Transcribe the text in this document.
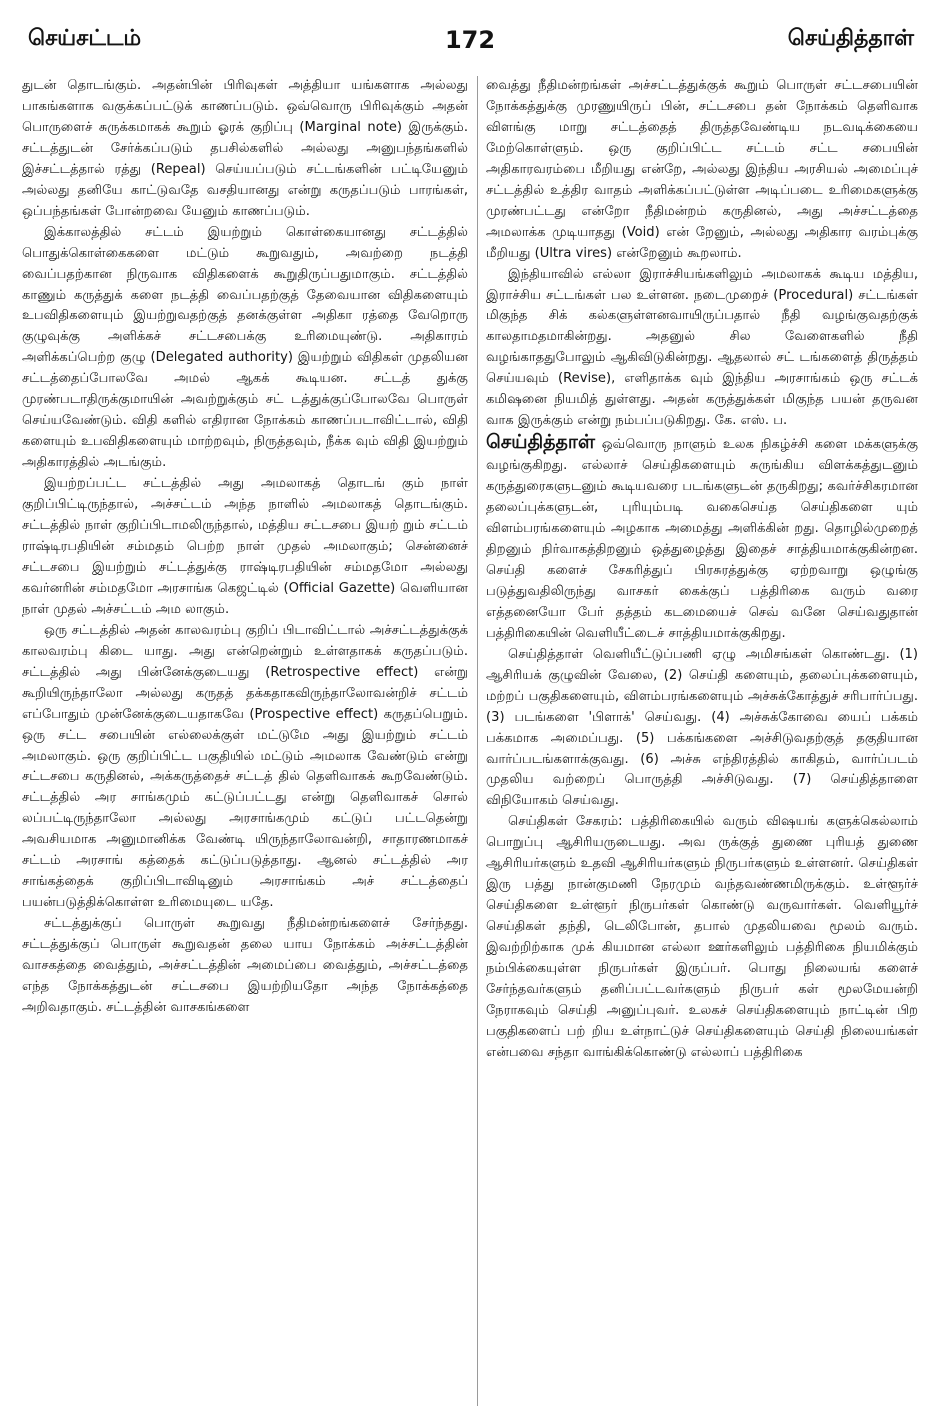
செய்சட்டம்	172	செய்தித்தாள்

துடன் தொடங்கும். அதன்பின் பிரிவுகள் அத்தியா யங்களாக அல்லது பாகங்களாக வகுக்கப்பட்டுக் காணப்படும். ஒவ்வொரு பிரிவுக்கும் அதன் பொருளைச் சுருக்கமாகக் கூறும் ஓரக் குறிப்பு (Marginal note) இருக்கும். சட்டத்துடன் சேர்க்கப்படும் தபசில்களில் அல்லது அனுபந்தங்களில் இச்சட்டத்தால் ரத்து (Repeal) செய்யப்படும் சட்டங்களின் பட்டியேனும் அல்லது தனியே காட்டுவதே வசதியானது என்று கருதப்படும் பாரங்கள், ஒப்பந்தங்கள் போன்றவை யேனும் காணப்படும்.

இக்காலத்தில் சட்டம் இயற்றும் கொள்கையானது சட்டத்தில் பொதுக்கொள்கைகளை மட்டும் கூறுவதும், அவற்றை நடத்தி வைப்பதற்கான நிருவாக விதிகளைக் கூறுதிருப்பதுமாகும். சட்டத்தில் காணும் கருத்துக் களை நடத்தி வைப்பதற்குத் தேவையான விதிகளையும் உபவிதிகளையும் இயற்றுவதற்குத் தனக்குள்ள அதிகா ரத்தை வேறொரு குழுவுக்கு அளிக்கச் சட்டசபைக்கு உரிமையுண்டு. அதிகாரம் அளிக்கப்பெற்ற குழு (Delegated authority) இயற்றும் விதிகள் முதலியன சட்டத்தைப்போலவே அமல் ஆகக் கூடியன. சட்டத் துக்கு முரண்படாதிருக்குமாயின் அவற்றுக்கும் சட் டத்துக்குப்போலவே பொருள் செய்யவேண்டும். விதி களில் எதிரான நோக்கம் காணப்படாவிட்டால், விதி களையும் உபவிதிகளையும் மாற்றவும், நிருத்தவும், நீக்க வும் விதி இயற்றும் அதிகாரத்தில் அடங்கும்.

இயற்றப்பட்ட சட்டத்தில் அது அமலாகத் தொடங் கும் நாள் குறிப்பிட்டிருந்தால், அச்சட்டம் அந்த நாளில் அமலாகத் தொடங்கும். சட்டத்தில் நாள் குறிப்பிடாமலிருந்தால், மத்திய சட்டசபை இயற் றும் சட்டம் ராஷ்டிரபதியின் சம்மதம் பெற்ற நாள் முதல் அமலாகும்; சென்னைச் சட்டசபை இயற்றும் சட்டத்துக்கு ராஷ்டிரபதியின் சம்மதமோ அல்லது கவர்னரின் சம்மதமோ அரசாங்க கெஜட்டில் (Official Gazette) வெளியான நாள் முதல் அச்சட்டம் அம லாகும்.

ஒரு சட்டத்தில் அதன் காலவரம்பு குறிப் பிடாவிட்டால் அச்சட்டத்துக்குக் காலவரம்பு கிடை யாது. அது என்றென்றும் உள்ளதாகக் கருதப்படும். சட்டத்தில் அது பின்னேக்குடையது (Retrospective effect) என்று கூறியிருந்தாலோ அல்லது கருதத் தக்கதாகவிருந்தாலோவன்றிச் சட்டம் எப்போதும் முன்னேக்குடையதாகவே (Prospective effect) கருதப்பெறும். ஒரு சட்ட சபையின் எல்லைக்குள் மட்டுமே அது இயற்றும் சட்டம் அமலாகும். ஒரு குறிப்பிட்ட பகுதியில் மட்டும் அமலாக வேண்டும் என்று சட்டசபை கருதினல், அக்கருத்தைச் சட்டத் தில் தெளிவாகக் கூறவேண்டும். சட்டத்தில் அர சாங்கமும் கட்டுப்பட்டது என்று தெளிவாகச் சொல் லப்பட்டிருந்தாலோ அல்லது அரசாங்கமும் கட்டுப் பட்டதென்று அவசியமாக அனுமானிக்க வேண்டி யிருந்தாலோவன்றி, சாதாரணமாகச் சட்டம் அரசாங் கத்தைக் கட்டுப்படுத்தாது. ஆனல் சட்டத்தில் அர சாங்கத்தைக் குறிப்பிடாவிடினும் அரசாங்கம் அச் சட்டத்தைப் பயன்படுத்திக்கொள்ள உரிமையுடை யதே.

சட்டத்துக்குப் பொருள் கூறுவது நீதிமன்றங்களைச் சேர்ந்தது. சட்டத்துக்குப் பொருள் கூறுவதன் தலை யாய நோக்கம் அச்சட்டத்தின் வாசகத்தை வைத்தும், அச்சட்டத்தின் அமைப்பை வைத்தும், அச்சட்டத்தை எந்த நோக்கத்துடன் சட்டசபை இயற்றியதோ அந்த நோக்கத்தை அறிவதாகும். சட்டத்தின் வாசகங்களை

வைத்து நீதிமன்றங்கள் அச்சட்டத்துக்குக் கூறும் பொருள் சட்டசபையின் நோக்கத்துக்கு முரணுயிருப் பின், சட்டசபை தன் நோக்கம் தெளிவாக விளங்கு மாறு சட்டத்தைத் திருத்தவேண்டிய நடவடிக்கையை மேற்கொள்ளும். ஒரு குறிப்பிட்ட சட்டம் சட்ட சபையின் அதிகாரவரம்பை மீறியது என்றே, அல்லது இந்திய அரசியல் அமைப்புச் சட்டத்தில் உத்திர வாதம் அளிக்கப்பட்டுள்ள அடிப்படை உரிமைகளுக்கு முரண்பட்டது என்றோ நீதிமன்றம் கருதினல், அது அச்சட்டத்தை அமலாக்க முடியாதது (Void) என் றேனும், அல்லது அதிகார வரம்புக்கு மீறியது (Ultra vires) என்றேனும் கூறலாம்.

இந்தியாவில் எல்லா இராச்சியங்களிலும் அமலாகக் கூடிய மத்திய, இராச்சிய சட்டங்கள் பல உள்ளன. நடைமுறைச் (Procedural) சட்டங்கள் மிகுந்த சிக் கல்களுள்ளனவாயிருப்பதால் நீதி வழங்குவதற்குக் காலதாமதமாகின்றது. அதனுல் சில வேளைகளில் நீதி வழங்காததுபோலும் ஆகிவிடுகின்றது. ஆதலால் சட் டங்களைத் திருத்தம் செய்யவும் (Revise), எளிதாக்க வும் இந்திய அரசாங்கம் ஒரு சட்டக் கமிஷனை நியமித் துள்ளது. அதன் கருத்துக்கள் மிகுந்த பயன் தருவன வாக இருக்கும் என்று நம்பப்படுகிறது. கே. எஸ். ப.

செய்தித்தாள் ஒவ்வொரு நாளும் உலக நிகழ்ச்சி களை மக்களுக்கு வழங்குகிறது. எல்லாச் செய்திகளையும் சுருங்கிய விளக்கத்துடனும் கருத்துரைகளுடனும் கூடியவரை படங்களுடன் தருகிறது; கவர்ச்சிகரமான தலைப்புக்களுடன், புரியும்படி வகைசெய்த செய்திகளை யும் விளம்பரங்களையும் அழகாக அமைத்து அளிக்கின் றது. தொழில்முறைத் திறனும் நிர்வாகத்திறனும் ஒத்துழைத்து இதைச் சாத்தியமாக்குகின்றன. செய்தி களைச் சேகரித்துப் பிரசுரத்துக்கு ஏற்றவாறு ஒழுங்கு படுத்துவதிலிருந்து வாசகர் கைக்குப் பத்திரிகை வரும் வரை எத்தனையோ பேர் தத்தம் கடமையைச் செவ் வனே செய்வதுதான் பத்திரிகையின் வெளியீட்டைச் சாத்தியமாக்குகிறது.

செய்தித்தாள் வெளியீட்டுப்பணி ஏழு அமிசங்கள் கொண்டது. (1) ஆசிரியக் குழுவின் வேலை, (2) செய்தி களையும், தலைப்புக்களையும், மற்றப் பகுதிகளையும், விளம்பரங்களையும் அச்சுக்கோத்துச் சரிபார்ப்பது. (3) படங்களை 'பிளாக்' செய்வது. (4) அச்சுக்கோவை யைப் பக்கம் பக்கமாக அமைப்பது. (5) பக்கங்களை அச்சிடுவதற்குத் தகுதியான வார்ப்படங்களாக்குவது. (6) அச்சு எந்திரத்தில் காகிதம், வார்ப்படம் முதலிய வற்றைப் பொருத்தி அச்சிடுவது. (7) செய்தித்தாளை விநியோகம் செய்வது.

செய்திகள் சேகரம்: பத்திரிகையில் வரும் விஷயங் களுக்கெல்லாம் பொறுப்பு ஆசிரியருடையது. அவ ருக்குத் துணை புரியத் துணை ஆசிரியர்களும் உதவி ஆசிரியர்களும் நிருபர்களும் உள்ளனர். செய்திகள் இரு பத்து நான்குமணி நேரமும் வந்தவண்ணமிருக்கும். உள்ளூர்ச் செய்திகளை உள்ளூர் நிருபர்கள் கொண்டு வருவார்கள். வெளியூர்ச் செய்திகள் தந்தி, டெலிபோன், தபால் முதலியவை மூலம் வரும். இவற்றிற்காக முக் கியமான எல்லா ஊர்களிலும் பத்திரிகை நியமிக்கும் நம்பிக்கையுள்ள நிருபர்கள் இருப்பர். பொது நிலையங் களைச் சேர்ந்தவர்களும் தனிப்பட்டவர்களும் நிருபர் கள் மூலமேயன்றி நேராகவும் செய்தி அனுப்புவர். உலகச் செய்திகளையும் நாட்டின் பிற பகுதிகளைப் பற் றிய உள்நாட்டுச் செய்திகளையும் செய்தி நிலையங்கள் என்பவை சந்தா வாங்கிக்கொண்டு எல்லாப் பத்திரிகை
